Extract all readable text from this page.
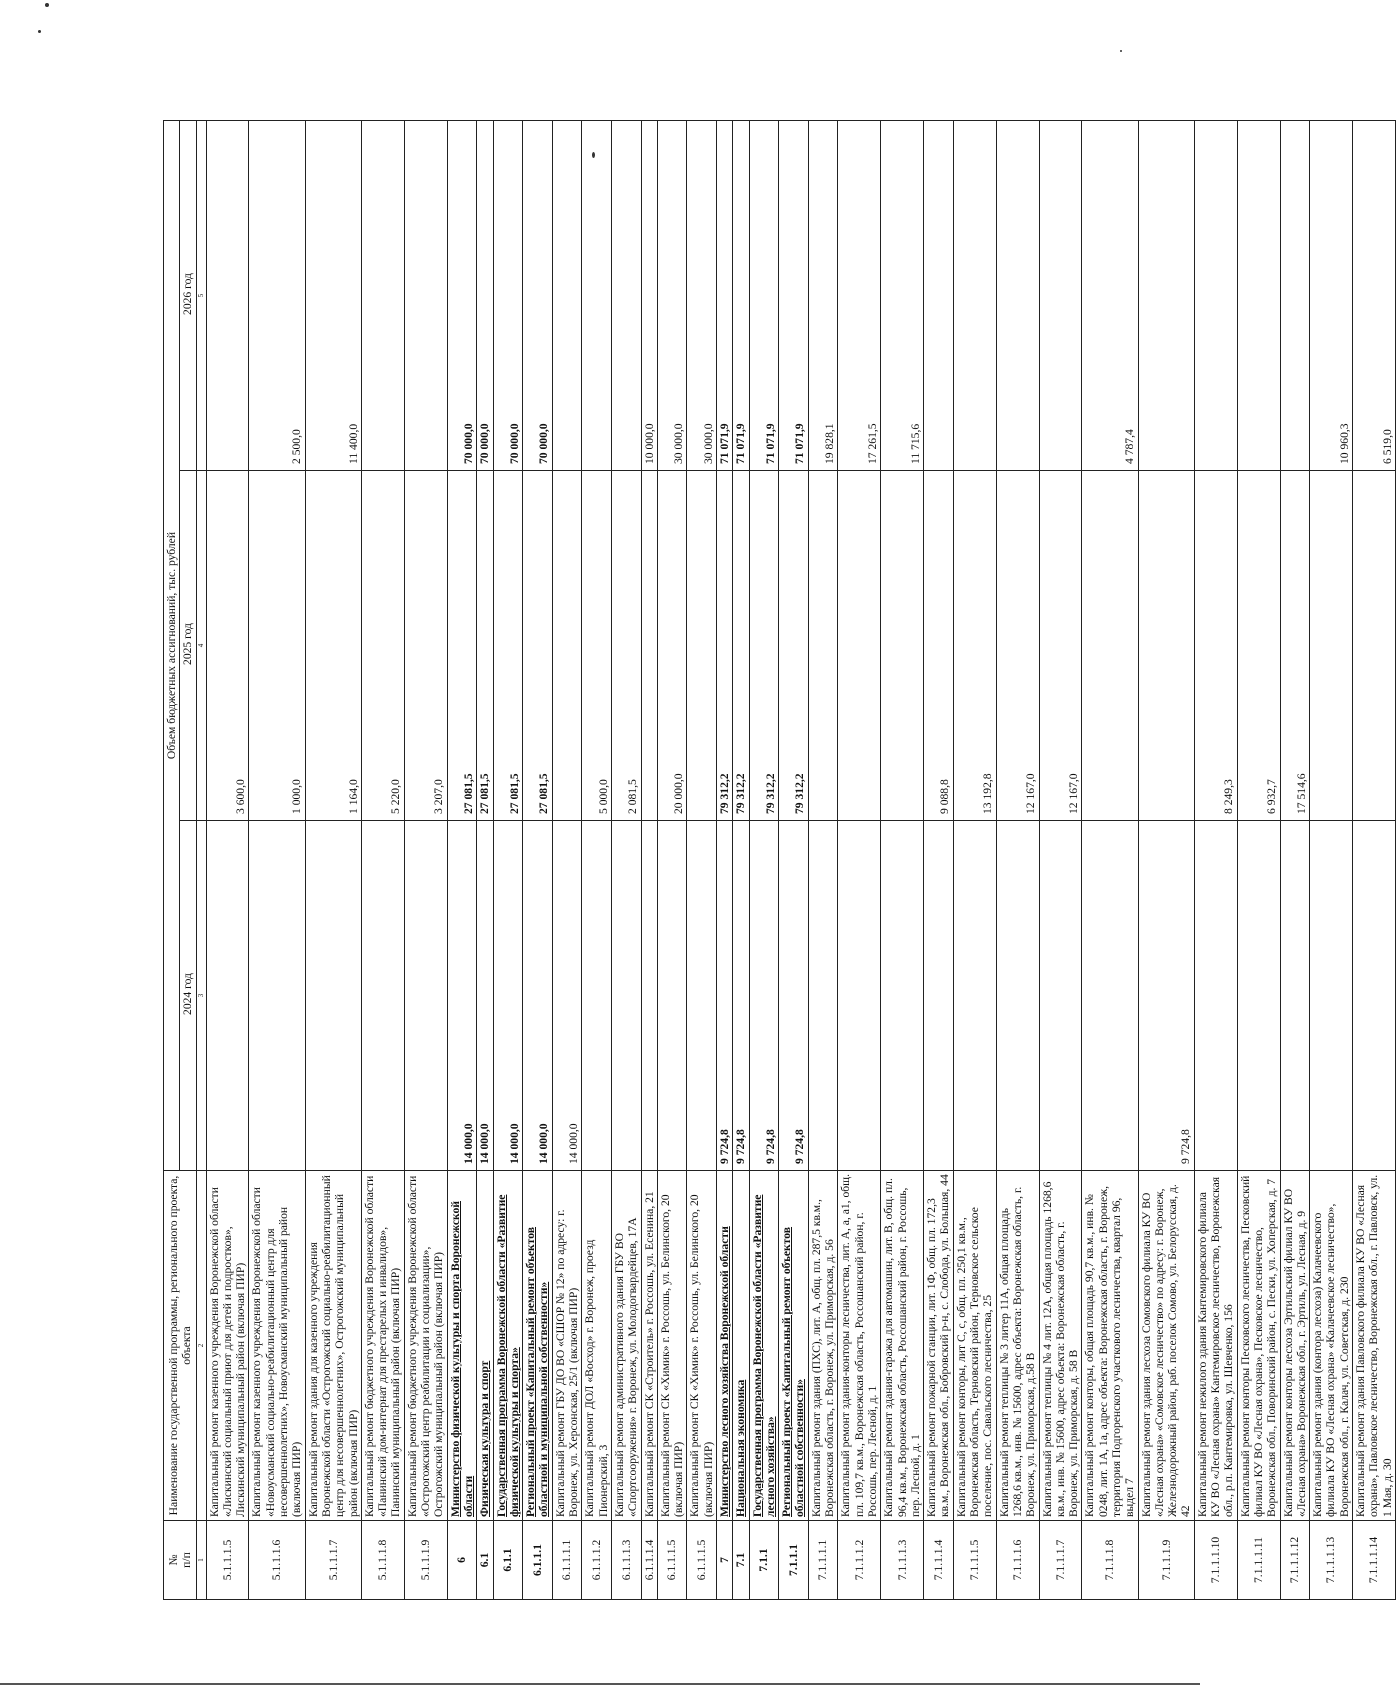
№
п/п	Наименование государственной программы, регионального проекта, объекта	Объем бюджетных ассигнований, тыс. рублей		
		2024 год	2025 год	2026 год
1	2	3	4	5
5.1.1.1.5	Капитальный ремонт казенного учреждения Воронежской области «Лискинский социальный приют для детей и подростков», Лискинский муниципальный район (включая ПИР)		3 600,0	
5.1.1.1.6	Капитальный ремонт казенного учреждения Воронежской области «Новоусманский социально-реабилитационный центр для несовершеннолетних», Новоусманский муниципальный район (включая ПИР)		1 000,0	2 500,0
5.1.1.1.7	Капитальный ремонт здания для казенного учреждения Воронежской области «Острогожский социально-реабилитационный центр для несовершеннолетних», Острогожский муниципальный район (включая ПИР)		1 164,0	11 400,0
5.1.1.1.8	Капитальный ремонт бюджетного учреждения Воронежской области «Панинский дом-интернат для престарелых и инвалидов», Панинский муниципальный район (включая ПИР)		5 220,0	
5.1.1.1.9	Капитальный ремонт бюджетного учреждения Воронежской области «Острогожский центр реабилитации и социализации», Острогожский муниципальный район (включая ПИР)		3 207,0	
6	Министерство физической культуры и спорта Воронежской области	14 000,0	27 081,5	70 000,0
6.1	Физическая культура и спорт	14 000,0	27 081,5	70 000,0
6.1.1	Государственная программа Воронежской области «Развитие физической культуры и спорта»	14 000,0	27 081,5	70 000,0
6.1.1.1	Региональный проект «Капитальный ремонт объектов областной и муниципальной собственности»	14 000,0	27 081,5	70 000,0
6.1.1.1.1	Капитальный ремонт ГБУ ДО ВО «СШОР № 12» по адресу: г. Воронеж, ул. Херсонская, 25/1 (включая ПИР)	14 000,0		
6.1.1.1.2	Капитальный ремонт ДОЛ «Восход» г. Воронеж, проезд Пионерский, 3		5 000,0	
6.1.1.1.3	Капитальный ремонт административного здания ГБУ ВО «Спортсооружения» г. Воронеж, ул. Молодогвардейцев, 17А		2 081,5	
6.1.1.1.4	Капитальный ремонт СК «Строитель» г. Россошь, ул. Есенина, 21			10 000,0
6.1.1.1.5	Капитальный ремонт СК «Химик» г. Россошь, ул. Белинского, 20 (включая ПИР)		20 000,0	30 000,0
6.1.1.1.5	Капитальный ремонт СК «Химик» г. Россошь, ул. Белинского, 20 (включая ПИР)			30 000,0
7	Министерство лесного хозяйства Воронежской области	9 724,8	79 312,2	71 071,9
7.1	Национальная экономика	9 724,8	79 312,2	71 071,9
7.1.1	Государственная программа Воронежской области «Развитие лесного хозяйства»	9 724,8	79 312,2	71 071,9
7.1.1.1	Региональный проект «Капитальный ремонт объектов областной собственности»	9 724,8	79 312,2	71 071,9
7.1.1.1.1	Капитальный ремонт здания (ПХС), лит. А, общ. пл. 287,5 кв.м., Воронежская область, г. Воронеж, ул. Приморская, д. 56			19 828,1
7.1.1.1.2	Капитальный ремонт здания-конторы лесничества, лит. А, а, а1, общ. пл. 109,7 кв.м., Воронежская область, Россошанский район, г. Россошь, пер. Лесной, д. 1			17 261,5
7.1.1.1.3	Капитальный ремонт здания-гаража для автомашин, лит. В, общ. пл. 96,4 кв.м., Воронежская область, Россошанский район, г. Россошь, пер. Лесной, д. 1			11 715,6
7.1.1.1.4	Капитальный ремонт пожарной станции, лит. 1Ф, общ. пл. 172,3 кв.м., Воронежская обл., Бобровский р-н, с. Слобода, ул. Большая, 44		9 088,8	
7.1.1.1.5	Капитальный ремонт конторы, лит С, с, общ. пл. 250,1 кв.м., Воронежская область, Терновский район, Терновское сельское поселение, пос. Савальского лесничества, 25		13 192,8	
7.1.1.1.6	Капитальный ремонт теплицы № 3 литер 11А, общая площадь 1268,6 кв.м., инв. № 15600, адрес объекта: Воронежская область, г. Воронеж, ул. Приморская, д.58 В		12 167,0	
7.1.1.1.7	Капитальный ремонт теплицы № 4 лит. 12А, общая площадь 1268,6 кв.м., инв. № 15600, адрес объекта: Воронежская область, г. Воронеж, ул. Приморская, д. 58 В		12 167,0	
7.1.1.1.8	Капитальный ремонт конторы, общая площадь 90,7 кв.м., инв. № 0248, лит. 1А, 1а, адрес объекта: Воронежская область, г. Воронеж, территория Подгоренского участкового лесничества, квартал 96, выдел 7			4 787,4
7.1.1.1.9	Капитальный ремонт здания лесхоза Сомовского филиала КУ ВО «Лесная охрана» «Сомовское лесничество» по адресу: г. Воронеж, Железнодорожный район, раб. поселок Сомово, ул. Белорусская, д. 42	9 724,8		
7.1.1.1.10	Капитальный ремонт нежилого здания Кантемировского филиала КУ ВО «Лесная охрана» Кантемировское лесничество, Воронежская обл., р.п. Кантемировка, ул. Шевченко, 156		8 249,3	
7.1.1.1.11	Капитальный ремонт конторы Песковского лесничества, Песковский филиал КУ ВО «Лесная охрана», Песковское лесничество, Воронежская обл., Поворинский район, с. Пески, ул. Хоперская, д. 7		6 932,7	
7.1.1.1.12	Капитальный ремонт конторы лесхоза Эртильский филиал КУ ВО «Лесная охрана» Воронежская обл., г. Эртиль, ул. Лесная, д. 9		17 514,6	
7.1.1.1.13	Капитальный ремонт здания (контора лесхоза) Калачеевского филиала КУ ВО «Лесная охрана» «Калачеевское лесничество», Воронежская обл., г. Калач, ул. Советская, д. 230			10 960,3
7.1.1.1.14	Капитальный ремонт здания Павловского филиала КУ ВО «Лесная охрана», Павловское лесничество, Воронежская обл., г. Павловск, ул. 1 Мая, д. 30			6 519,0
